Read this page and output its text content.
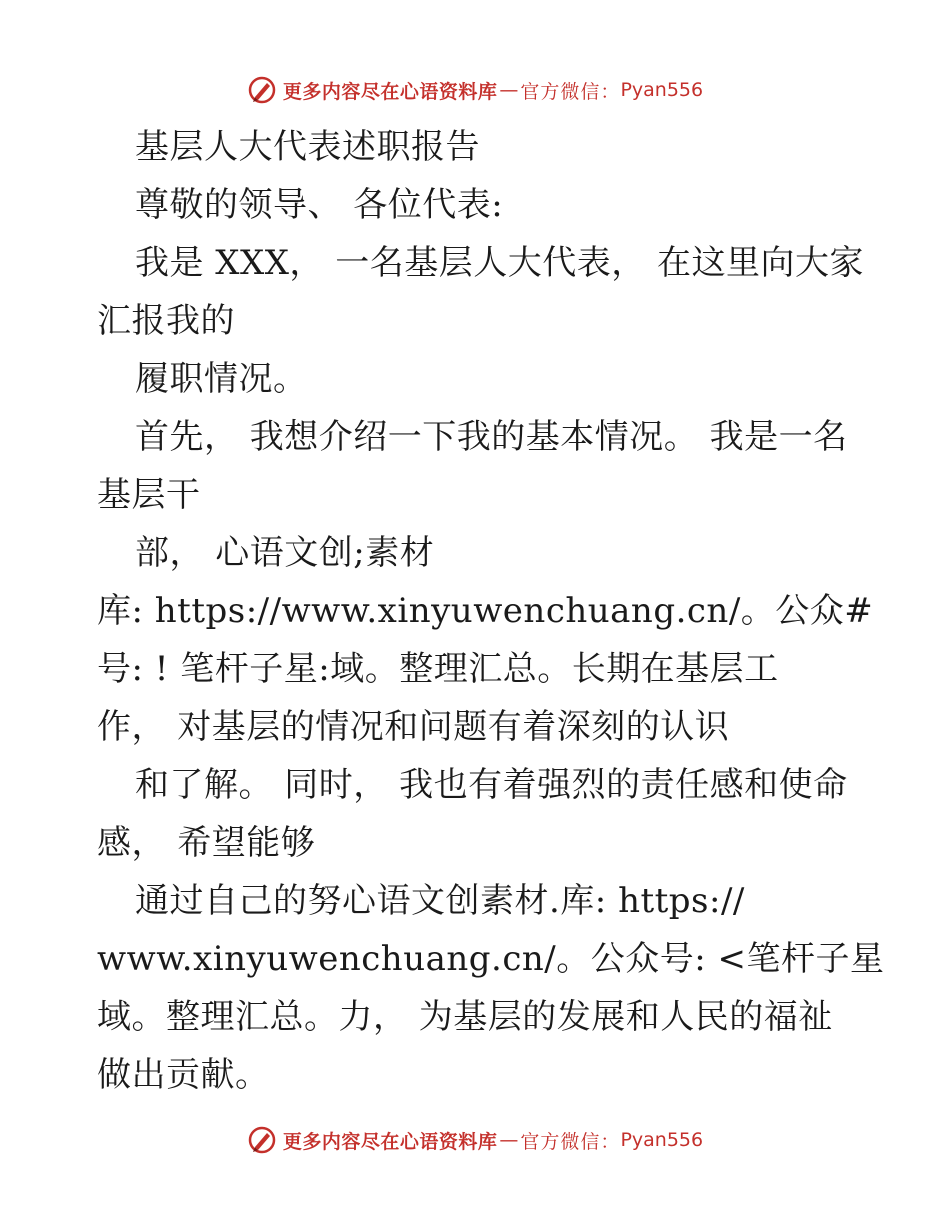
更多内容尽在心语资料库 — 官方微信： Pyan556
基层人大代表述职报告
尊敬的领导、 各位代表:
我是 XXX， 一名基层人大代表， 在这里向大家
汇报我的
履职情况。
首先， 我想介绍一下我的基本情况。 我是一名
基层干
部， 心语文创;素材
库: https://www.xinyuwenchuang.cn/。公众#
号: ! 笔杆子星:域。整理汇总。长期在基层工
作， 对基层的情况和问题有着深刻的认识
和了解。 同时， 我也有着强烈的责任感和使命
感， 希望能够
通过自己的努心语文创素材.库: https://
www.xinyuwenchuang.cn/。公众号: <笔杆子星
域。整理汇总。力， 为基层的发展和人民的福祉
做出贡献。
更多内容尽在心语资料库 — 官方微信： Pyan556
